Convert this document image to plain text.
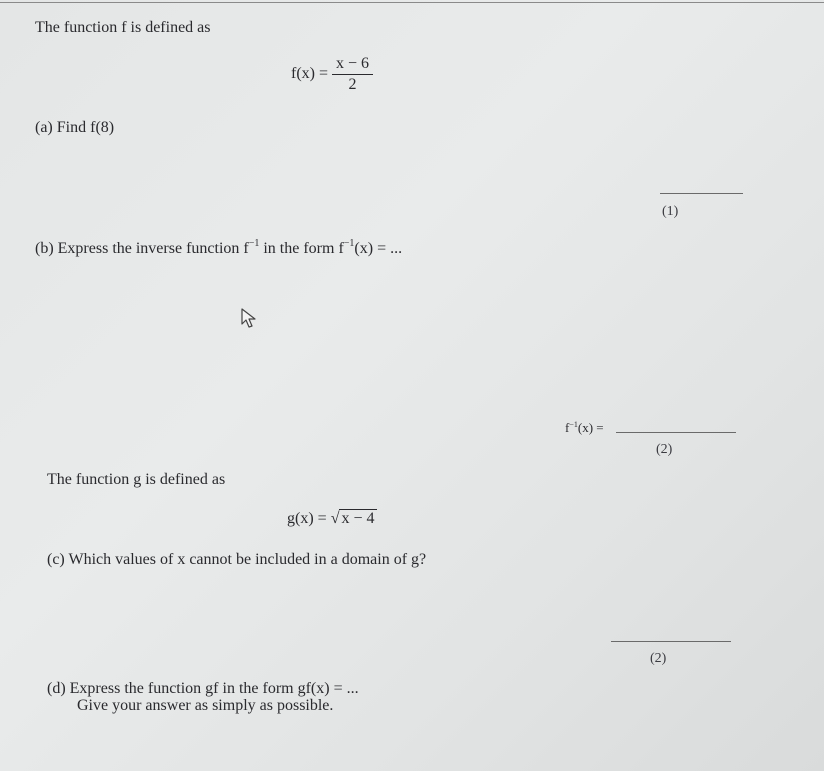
The function f is defined as
$f(x) = \frac{x - 6}{2}$
(a) Find f(8)
(1)
(b) Express the inverse function $f^{-1}$ in the form $f^{-1}(x)$ = ...
$f^{-1}(x)$ =
(2)
The function g is defined as
g(x) = √ x − 4
(c) Which values of x cannot be included in a domain of g?
(2)
(d) Express the function gf in the form gf(x) = ...
Give your answer as simply as possible.
